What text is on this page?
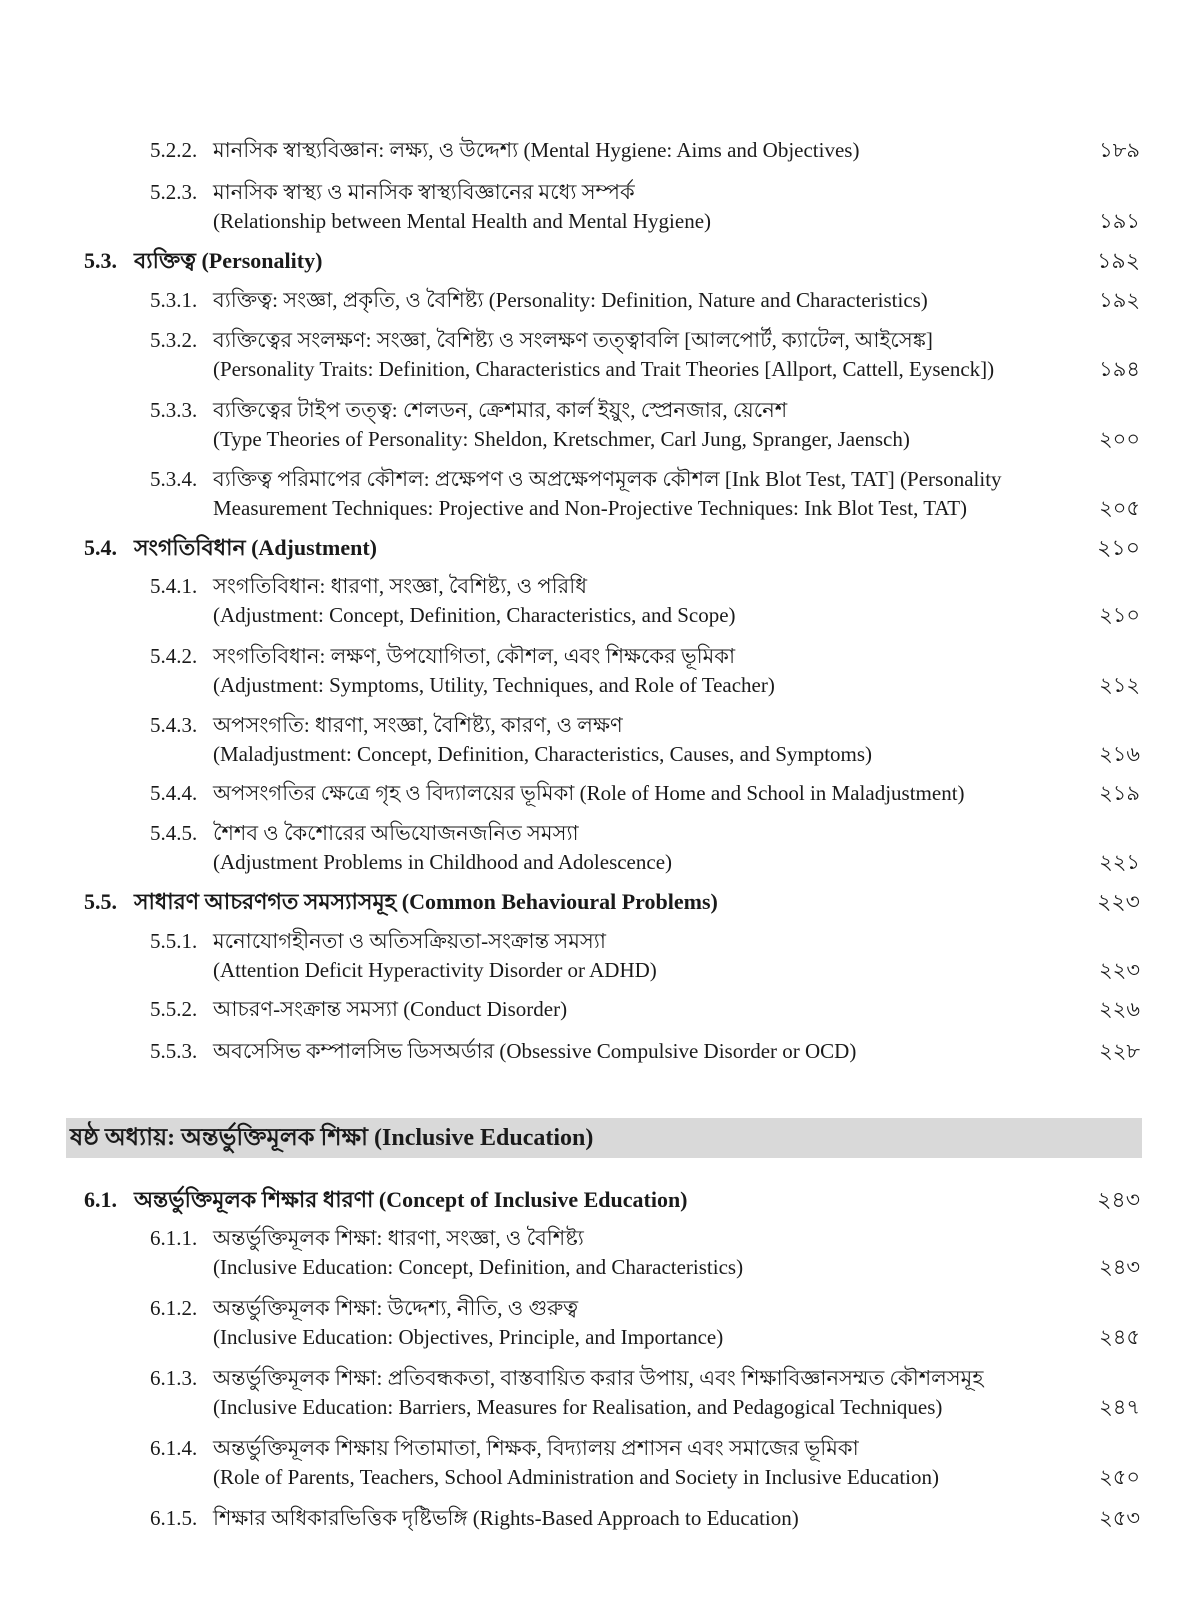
5.2.2. মানসিক স্বাস্থ্যবিজ্ঞান: লক্ষ্য, ও উদ্দেশ্য (Mental Hygiene: Aims and Objectives)	১৮৯
5.2.3. মানসিক স্বাস্থ্য ও মানসিক স্বাস্থ্যবিজ্ঞানের মধ্যে সম্পর্ক
(Relationship between Mental Health and Mental Hygiene)	১৯১
5.3. ব্যক্তিত্ব (Personality)	১৯২
5.3.1. ব্যক্তিত্ব: সংজ্ঞা, প্রকৃতি, ও বৈশিষ্ট্য (Personality: Definition, Nature and Characteristics)	১৯২
5.3.2. ব্যক্তিত্বের সংলক্ষণ: সংজ্ঞা, বৈশিষ্ট্য ও সংলক্ষণ তত্ত্বাবলি [আলপোর্ট, ক্যাটেল, আইসেঙ্ক]
(Personality Traits: Definition, Characteristics and Trait Theories [Allport, Cattell, Eysenck])	১৯৪
5.3.3. ব্যক্তিত্বের টাইপ তত্ত্ব: শেলডন, ক্রেশমার, কার্ল ইয়ুং, স্প্রেনজার, য়েনেশ
(Type Theories of Personality: Sheldon, Kretschmer, Carl Jung, Spranger, Jaensch)	২০০
5.3.4. ব্যক্তিত্ব পরিমাপের কৌশল: প্রক্ষেপণ ও অপ্রক্ষেপণমূলক কৌশল [Ink Blot Test, TAT] (Personality
Measurement Techniques: Projective and Non-Projective Techniques: Ink Blot Test, TAT)	২০৫
5.4. সংগতিবিধান (Adjustment)	২১০
5.4.1. সংগতিবিধান: ধারণা, সংজ্ঞা, বৈশিষ্ট্য, ও পরিধি
(Adjustment: Concept, Definition, Characteristics, and Scope)	২১০
5.4.2. সংগতিবিধান: লক্ষণ, উপযোগিতা, কৌশল, এবং শিক্ষকের ভূমিকা
(Adjustment: Symptoms, Utility, Techniques, and Role of Teacher)	২১২
5.4.3. অপসংগতি: ধারণা, সংজ্ঞা, বৈশিষ্ট্য, কারণ, ও লক্ষণ
(Maladjustment: Concept, Definition, Characteristics, Causes, and Symptoms)	২১৬
5.4.4. অপসংগতির ক্ষেত্রে গৃহ ও বিদ্যালয়ের ভূমিকা (Role of Home and School in Maladjustment)	২১৯
5.4.5. শৈশব ও কৈশোরের অভিযোজনজনিত সমস্যা
(Adjustment Problems in Childhood and Adolescence)	২২১
5.5. সাধারণ আচরণগত সমস্যাসমূহ (Common Behavioural Problems)	২২৩
5.5.1. মনোযোগহীনতা ও অতিসক্রিয়তা-সংক্রান্ত সমস্যা
(Attention Deficit Hyperactivity Disorder or ADHD)	২২৩
5.5.2. আচরণ-সংক্রান্ত সমস্যা (Conduct Disorder)	২২৬
5.5.3. অবসেসিভ কম্পালসিভ ডিসঅর্ডার (Obsessive Compulsive Disorder or OCD)	২২৮
ষষ্ঠ অধ্যায়: অন্তর্ভুক্তিমূলক শিক্ষা (Inclusive Education)
6.1. অন্তর্ভুক্তিমূলক শিক্ষার ধারণা (Concept of Inclusive Education)	২৪৩
6.1.1. অন্তর্ভুক্তিমূলক শিক্ষা: ধারণা, সংজ্ঞা, ও বৈশিষ্ট্য
(Inclusive Education: Concept, Definition, and Characteristics)	২৪৩
6.1.2. অন্তর্ভুক্তিমূলক শিক্ষা: উদ্দেশ্য, নীতি, ও গুরুত্ব
(Inclusive Education: Objectives, Principle, and Importance)	২৪৫
6.1.3. অন্তর্ভুক্তিমূলক শিক্ষা: প্রতিবন্ধকতা, বাস্তবায়িত করার উপায়, এবং শিক্ষাবিজ্ঞানসম্মত কৌশলসমূহ
(Inclusive Education: Barriers, Measures for Realisation, and Pedagogical Techniques)	২৪৭
6.1.4. অন্তর্ভুক্তিমূলক শিক্ষায় পিতামাতা, শিক্ষক, বিদ্যালয় প্রশাসন এবং সমাজের ভূমিকা
(Role of Parents, Teachers, School Administration and Society in Inclusive Education)	২৫০
6.1.5. শিক্ষার অধিকারভিত্তিক দৃষ্টিভঙ্গি (Rights-Based Approach to Education)	২৫৩
